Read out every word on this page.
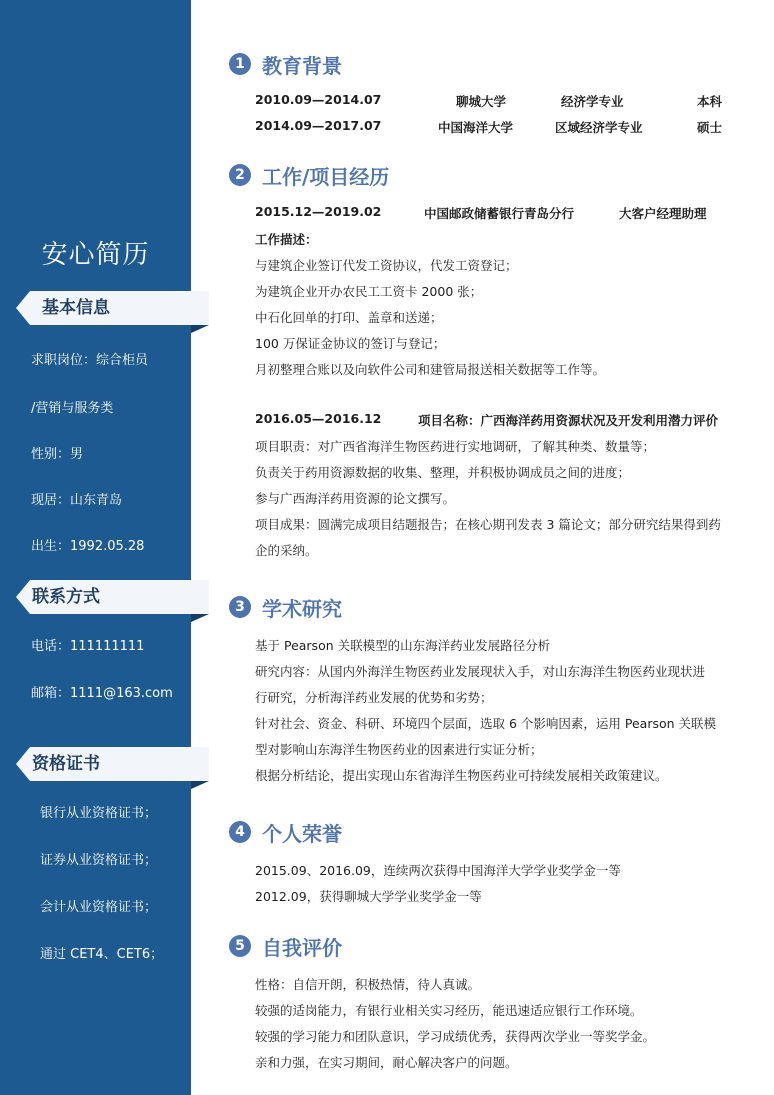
安心简历
基本信息
求职岗位：综合柜员
/营销与服务类
性别：男
现居：山东青岛
出生：1992.05.28
联系方式
电话：111111111
邮箱：1111@163.com
资格证书
银行从业资格证书；
证券从业资格证书；
会计从业资格证书；
通过 CET4、CET6；
1 教育背景
2010.09—2014.07	聊城大学	经济学专业	本科
2014.09—2017.07	中国海洋大学	区域经济学专业	硕士
2 工作/项目经历
2015.12—2019.02	中国邮政储蓄银行青岛分行	大客户经理助理
工作描述：
与建筑企业签订代发工资协议，代发工资登记；
为建筑企业开办农民工工资卡 2000 张；
中石化回单的打印、盖章和送递；
100 万保证金协议的签订与登记；
月初整理合账以及向软件公司和建管局报送相关数据等工作等。
2016.05—2016.12	项目名称：广西海洋药用资源状况及开发利用潜力评价
项目职责：对广西省海洋生物医药进行实地调研，了解其种类、数量等；
负责关于药用资源数据的收集、整理，并积极协调成员之间的进度；
参与广西海洋药用资源的论文撰写。
项目成果：圆满完成项目结题报告；在核心期刊发表 3 篇论文；部分研究结果得到药
企的采纳。
3 学术研究
基于 Pearson 关联模型的山东海洋药业发展路径分析
研究内容：从国内外海洋生物医药业发展现状入手，对山东海洋生物医药业现状进
行研究，分析海洋药业发展的优势和劣势；
针对社会、资金、科研、环境四个层面，选取 6 个影响因素，运用 Pearson 关联模
型对影响山东海洋生物医药业的因素进行实证分析；
根据分析结论，提出实现山东省海洋生物医药业可持续发展相关政策建议。
4 个人荣誉
2015.09、2016.09，连续两次获得中国海洋大学学业奖学金一等
2012.09，获得聊城大学学业奖学金一等
5 自我评价
性格：自信开朗，积极热情，待人真诚。
较强的适岗能力，有银行业相关实习经历，能迅速适应银行工作环境。
较强的学习能力和团队意识，学习成绩优秀，获得两次学业一等奖学金。
亲和力强，在实习期间，耐心解决客户的问题。
